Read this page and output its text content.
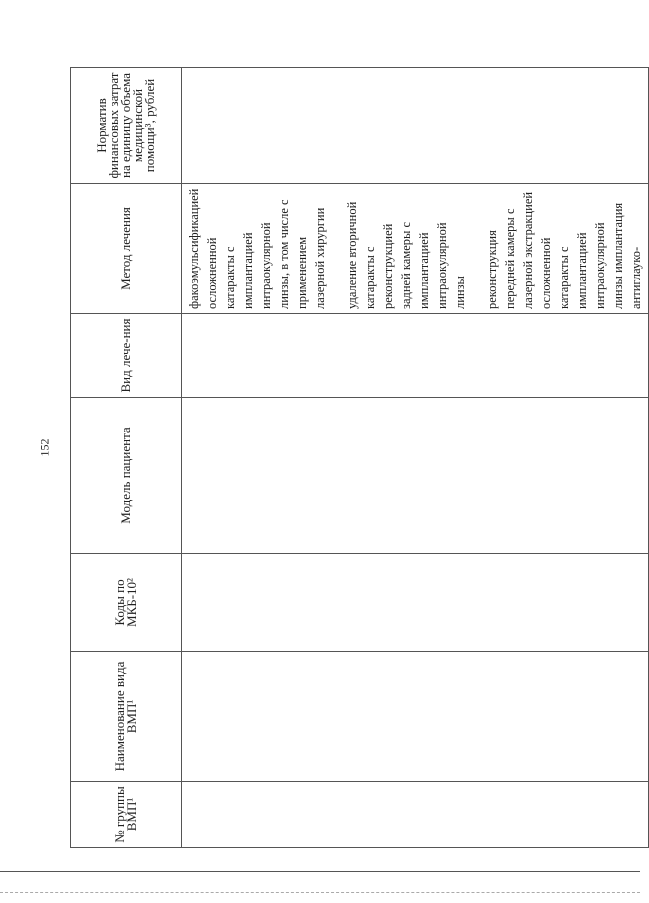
152
№ группы ВМП¹	Наименование вида ВМП¹	Коды по МКБ-10²	Модель пациента	Вид лече-ния	Метод лечения	Норматив финансовых затрат на единицу объема медицинской помощи³, рублей

					факоэмульсификацией осложненной катаракты с имплантацией интраокулярной линзы, в том числе с применением лазерной хирургии удаление вторичной катаракты с реконструкцией задней камеры с имплантацией интраокулярной линзы реконструкция передней камеры с лазерной экстракцией осложненной катаракты с имплантацией интраокулярной линзы имплантация антиглауко-	
